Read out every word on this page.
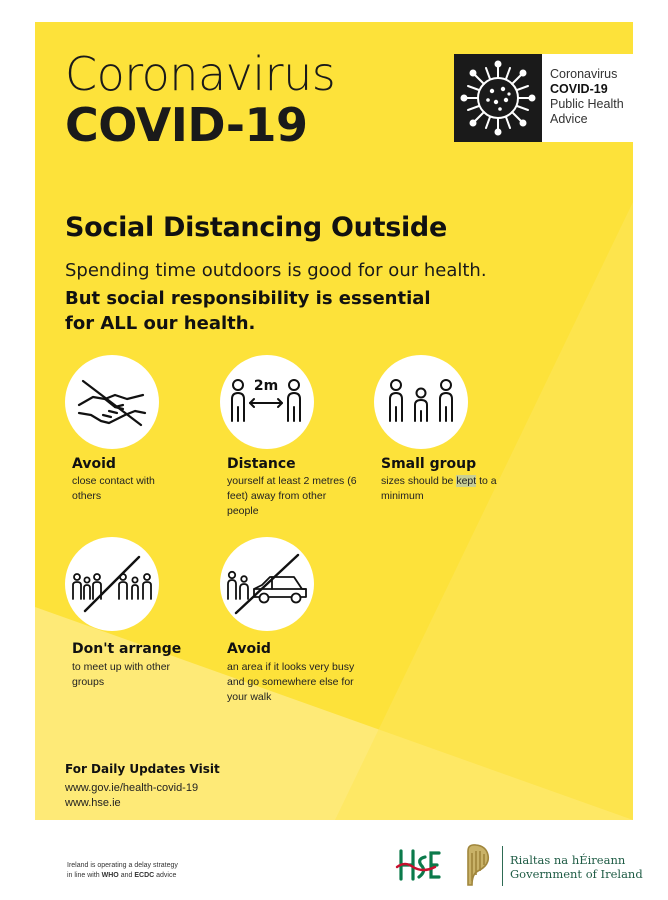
Coronavirus
COVID-19
Coronavirus
COVID-19
Public Health
Advice
Social Distancing Outside
Spending time outdoors is good for our health.
But social responsibility is essential for ALL our health.
Avoid
close contact with others
2m
Distance
yourself at least 2 metres (6 feet) away from other people
Small group
sizes should be kept to a minimum
Don't arrange
to meet up with other groups
Avoid
an area if it looks very busy and go somewhere else for your walk
For Daily Updates Visit
www.gov.ie/health-covid-19
www.hse.ie
Ireland is operating a delay strategy
in line with WHO and ECDC advice
Rialtas na hÉireann
Government of Ireland
